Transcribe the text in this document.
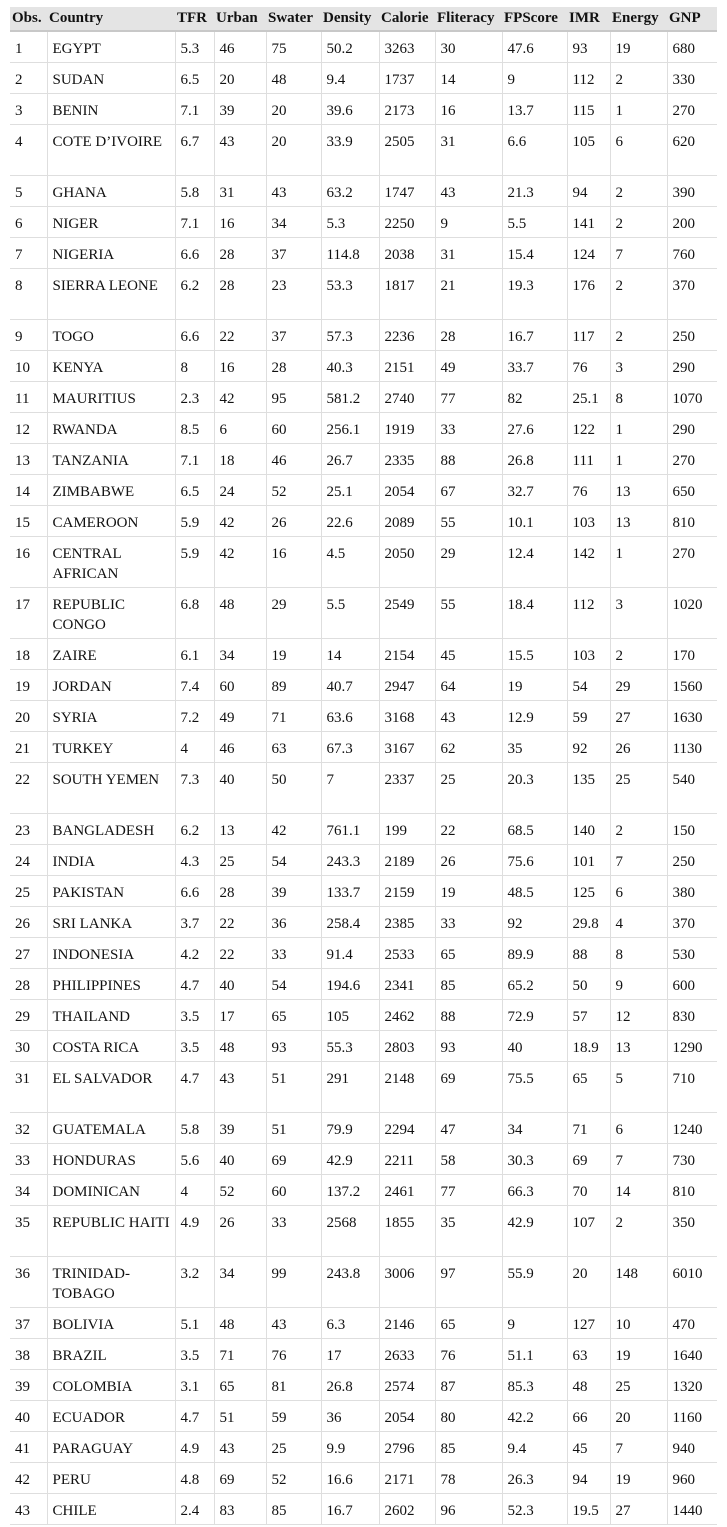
Obs.	Country	TFR	Urban	Swater	Density	Calorie	Fliteracy	FPScore	IMR	Energy	GNP
1	EGYPT	5.3	46	75	50.2	3263	30	47.6	93	19	680
2	SUDAN	6.5	20	48	9.4	1737	14	9	112	2	330
3	BENIN	7.1	39	20	39.6	2173	16	13.7	115	1	270
4	COTE D’IVOIRE	6.7	43	20	33.9	2505	31	6.6	105	6	620
5	GHANA	5.8	31	43	63.2	1747	43	21.3	94	2	390
6	NIGER	7.1	16	34	5.3	2250	9	5.5	141	2	200
7	NIGERIA	6.6	28	37	114.8	2038	31	15.4	124	7	760
8	SIERRA LEONE	6.2	28	23	53.3	1817	21	19.3	176	2	370
9	TOGO	6.6	22	37	57.3	2236	28	16.7	117	2	250
10	KENYA	8	16	28	40.3	2151	49	33.7	76	3	290
11	MAURITIUS	2.3	42	95	581.2	2740	77	82	25.1	8	1070
12	RWANDA	8.5	6	60	256.1	1919	33	27.6	122	1	290
13	TANZANIA	7.1	18	46	26.7	2335	88	26.8	111	1	270
14	ZIMBABWE	6.5	24	52	25.1	2054	67	32.7	76	13	650
15	CAMEROON	5.9	42	26	22.6	2089	55	10.1	103	13	810
16	CENTRAL AFRICAN	5.9	42	16	4.5	2050	29	12.4	142	1	270
17	REPUBLIC CONGO	6.8	48	29	5.5	2549	55	18.4	112	3	1020
18	ZAIRE	6.1	34	19	14	2154	45	15.5	103	2	170
19	JORDAN	7.4	60	89	40.7	2947	64	19	54	29	1560
20	SYRIA	7.2	49	71	63.6	3168	43	12.9	59	27	1630
21	TURKEY	4	46	63	67.3	3167	62	35	92	26	1130
22	SOUTH YEMEN	7.3	40	50	7	2337	25	20.3	135	25	540
23	BANGLADESH	6.2	13	42	761.1	199	22	68.5	140	2	150
24	INDIA	4.3	25	54	243.3	2189	26	75.6	101	7	250
25	PAKISTAN	6.6	28	39	133.7	2159	19	48.5	125	6	380
26	SRI LANKA	3.7	22	36	258.4	2385	33	92	29.8	4	370
27	INDONESIA	4.2	22	33	91.4	2533	65	89.9	88	8	530
28	PHILIPPINES	4.7	40	54	194.6	2341	85	65.2	50	9	600
29	THAILAND	3.5	17	65	105	2462	88	72.9	57	12	830
30	COSTA RICA	3.5	48	93	55.3	2803	93	40	18.9	13	1290
31	EL SALVADOR	4.7	43	51	291	2148	69	75.5	65	5	710
32	GUATEMALA	5.8	39	51	79.9	2294	47	34	71	6	1240
33	HONDURAS	5.6	40	69	42.9	2211	58	30.3	69	7	730
34	DOMINICAN	4	52	60	137.2	2461	77	66.3	70	14	810
35	REPUBLIC HAITI	4.9	26	33	2568	1855	35	42.9	107	2	350
36	TRINIDAD-TOBAGO	3.2	34	99	243.8	3006	97	55.9	20	148	6010
37	BOLIVIA	5.1	48	43	6.3	2146	65	9	127	10	470
38	BRAZIL	3.5	71	76	17	2633	76	51.1	63	19	1640
39	COLOMBIA	3.1	65	81	26.8	2574	87	85.3	48	25	1320
40	ECUADOR	4.7	51	59	36	2054	80	42.2	66	20	1160
41	PARAGUAY	4.9	43	25	9.9	2796	85	9.4	45	7	940
42	PERU	4.8	69	52	16.6	2171	78	26.3	94	19	960
43	CHILE	2.4	83	85	16.7	2602	96	52.3	19.5	27	1440
